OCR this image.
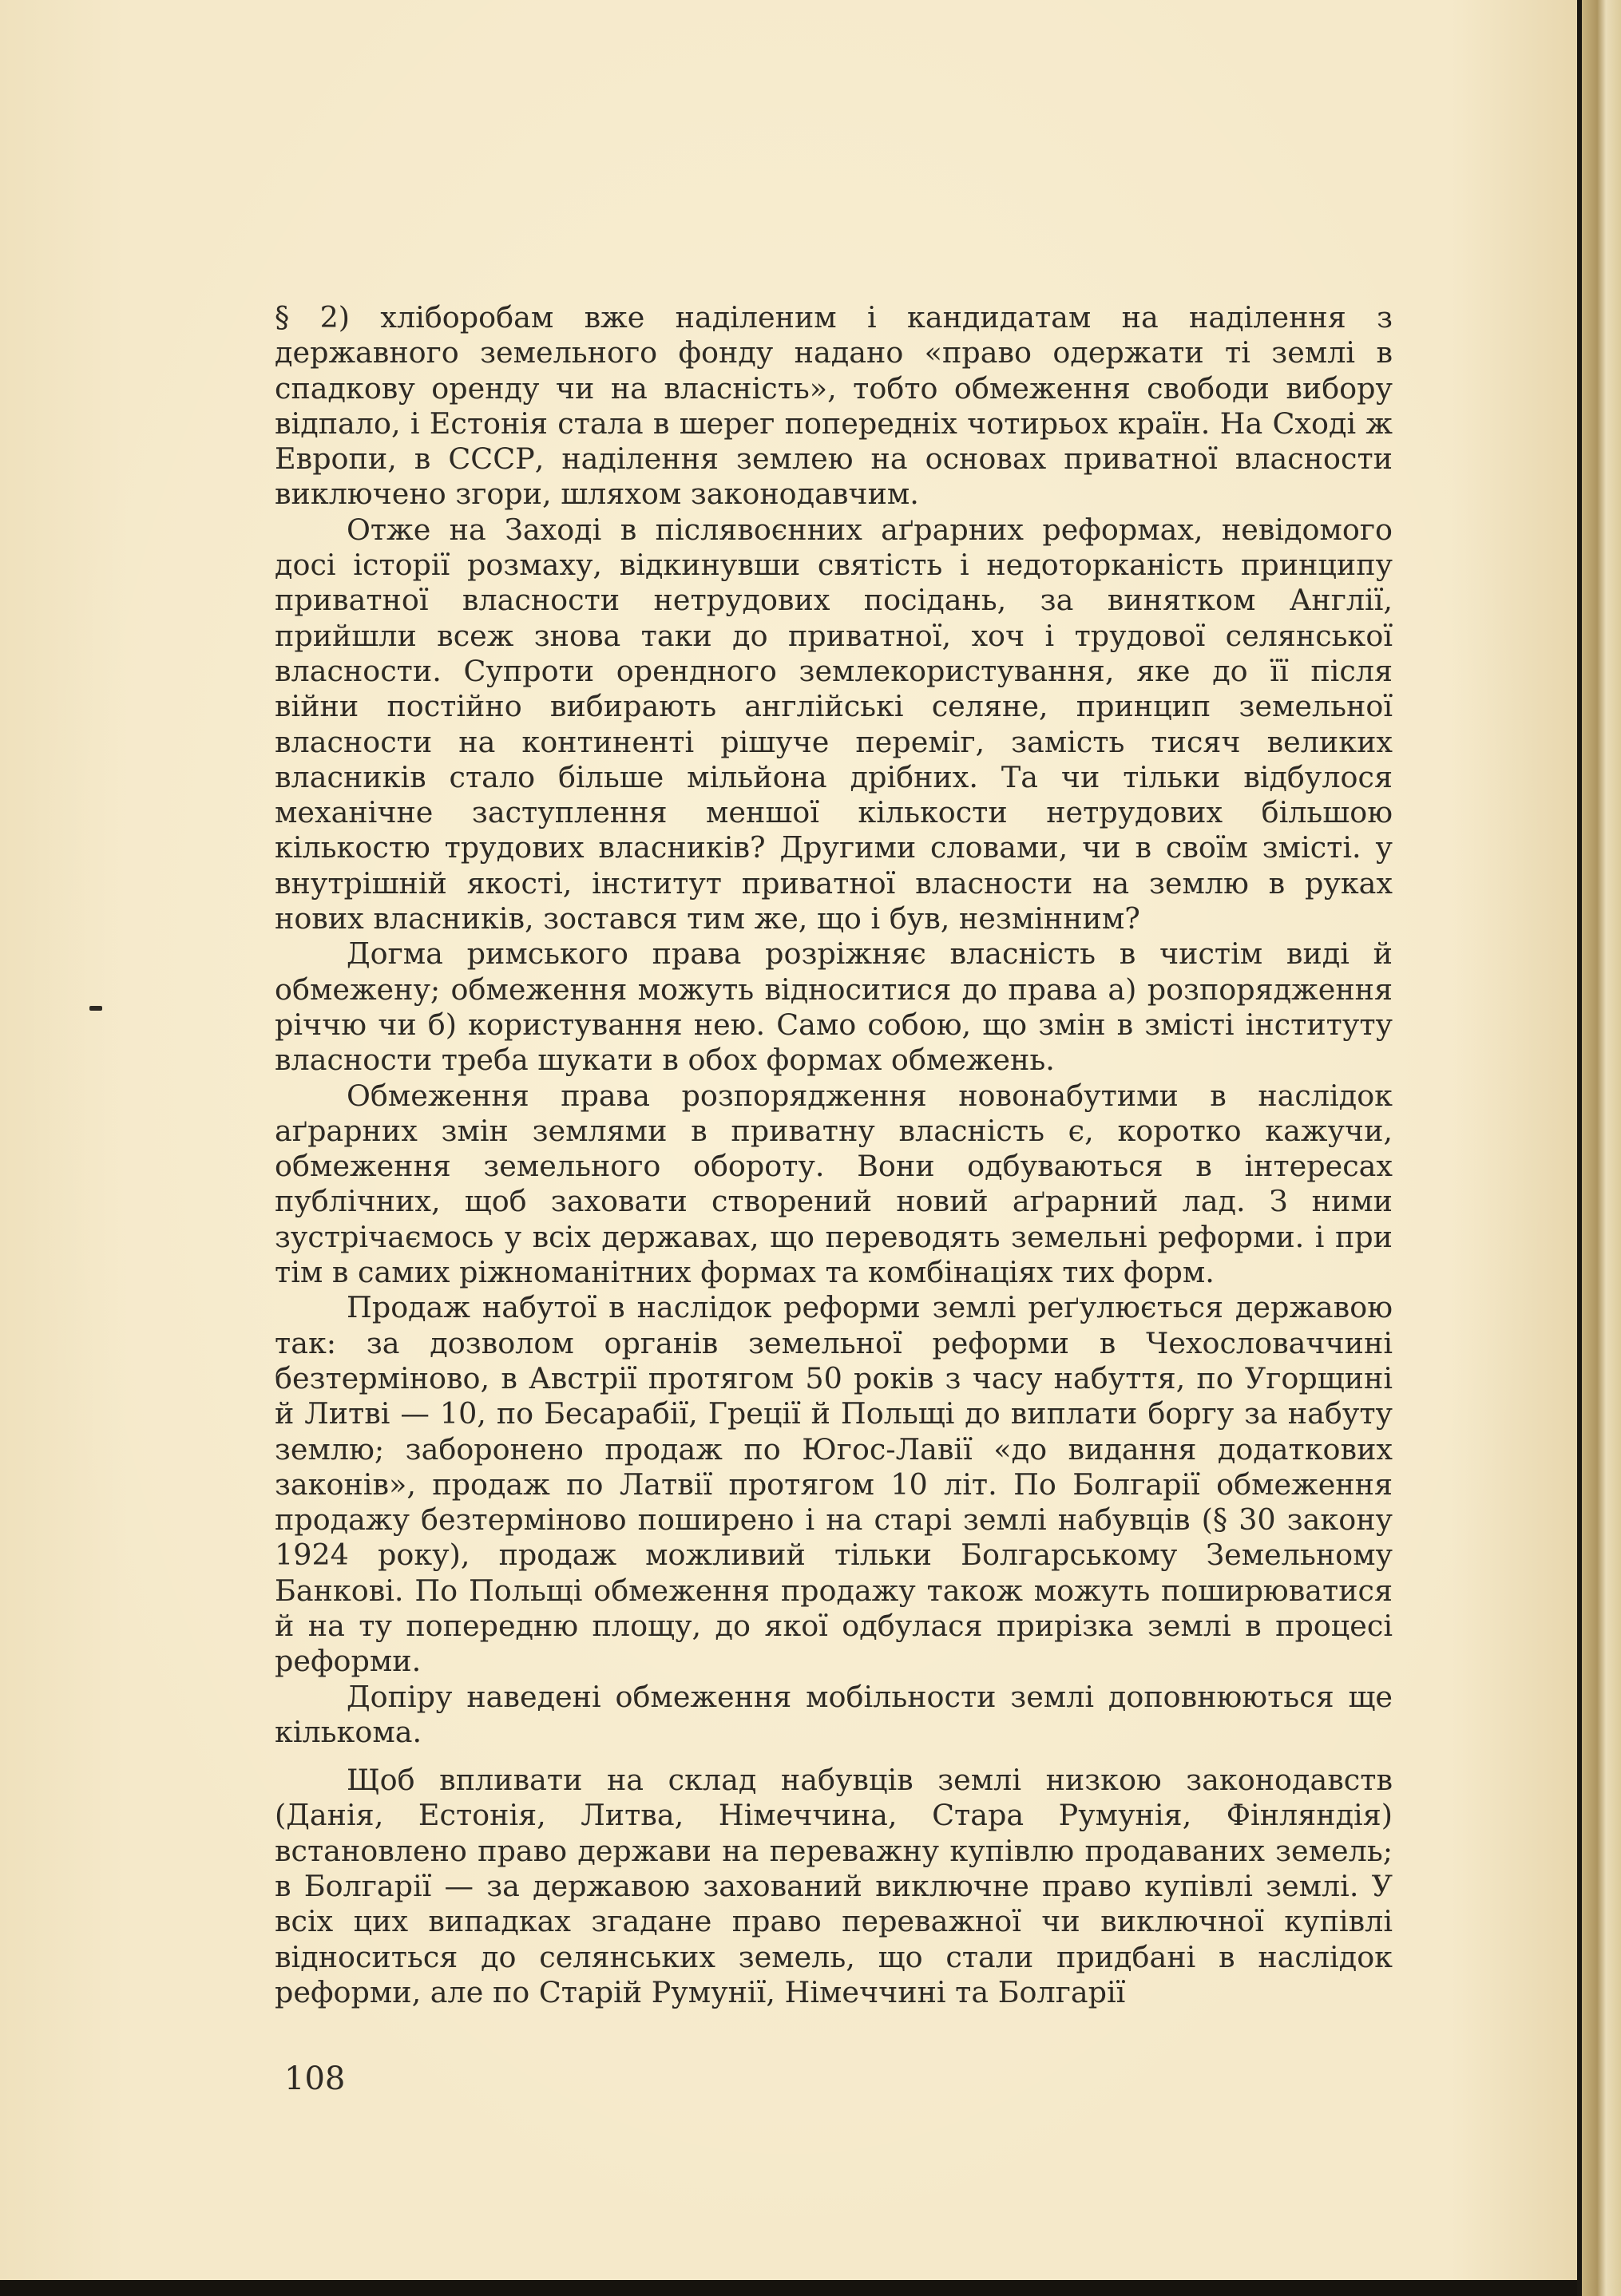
§ 2) хліборобам вже наділеним і кандидатам на наділення з державного земельного фонду надано «право одержати ті землі в спадкову оренду чи на власність», тобто обмеження свободи вибору відпало, і Естонія стала в шерег попередніх чотирьох країн. На Сході ж Европи, в СССР, наділення землею на основах приватної власности виключено згори, шляхом законодавчим.

Отже на Заході в післявоєнних аґрарних реформах, невідомого досі історії розмаху, відкинувши святість і недоторканість принципу приватної власности нетрудових посідань, за винятком Англії, прийшли всеж знова таки до приватної, хоч і трудової селянської власности. Супроти орендного землекористування, яке до її після війни постійно вибирають англійські селяне, принцип земельної власности на континенті рішуче переміг, замість тисяч великих власників стало більше мільйона дрібних. Та чи тільки відбулося механічне заступлення меншої кількости нетрудових більшою кількостю трудових власників? Другими словами, чи в своїм змісті. у внутрішній якості, інститут приватної власности на землю в руках нових власників, зостався тим же, що і був, незмінним?

Догма римського права розріжняє власність в чистім виді й обмежену; обмеження можуть відноситися до права а) розпорядження річчю чи б) користування нею. Само собою, що змін в змісті інституту власности треба шукати в обох формах обмежень.

Обмеження права розпорядження новонабутими в наслідок аґрарних змін землями в приватну власність є, коротко кажучи, обмеження земельного обороту. Вони одбуваються в інтересах публічних, щоб заховати створений новий аґрарний лад. З ними зустрічаємось у всіх державах, що переводять земельні реформи. і при тім в самих ріжноманітних формах та комбінаціях тих форм.

Продаж набутої в наслідок реформи землі реґулюється державою так: за дозволом органів земельної реформи в Чехословаччині безтерміново, в Австрії протягом 50 років з часу набуття, по Угорщині й Литві — 10, по Бесарабії, Греції й Польщі до виплати боргу за набуту землю; заборонено продаж по Югос-Лавії «до видання додаткових законів», продаж по Латвії протягом 10 літ. По Болгарії обмеження продажу безтерміново поширено і на старі землі набувців (§ 30 закону 1924 року), продаж можливий тільки Болгарському Земельному Банкові. По Польщі обмеження продажу також можуть поширюватися й на ту попередню площу, до якої одбулася прирізка землі в процесі реформи.

Допіру наведені обмеження мобільности землі доповнюються ще кількома.

Щоб впливати на склад набувців землі низкою законодавств (Данія, Естонія, Литва, Німеччина, Стара Румунія, Фінляндія) встановлено право держави на переважну купівлю продаваних земель; в Болгарії — за державою захований виключне право купівлі землі. У всіх цих випадках згадане право переважної чи виключної купівлі відноситься до селянських земель, що стали придбані в наслідок реформи, але по Старій Румунії, Німеччині та Болгарії

108
